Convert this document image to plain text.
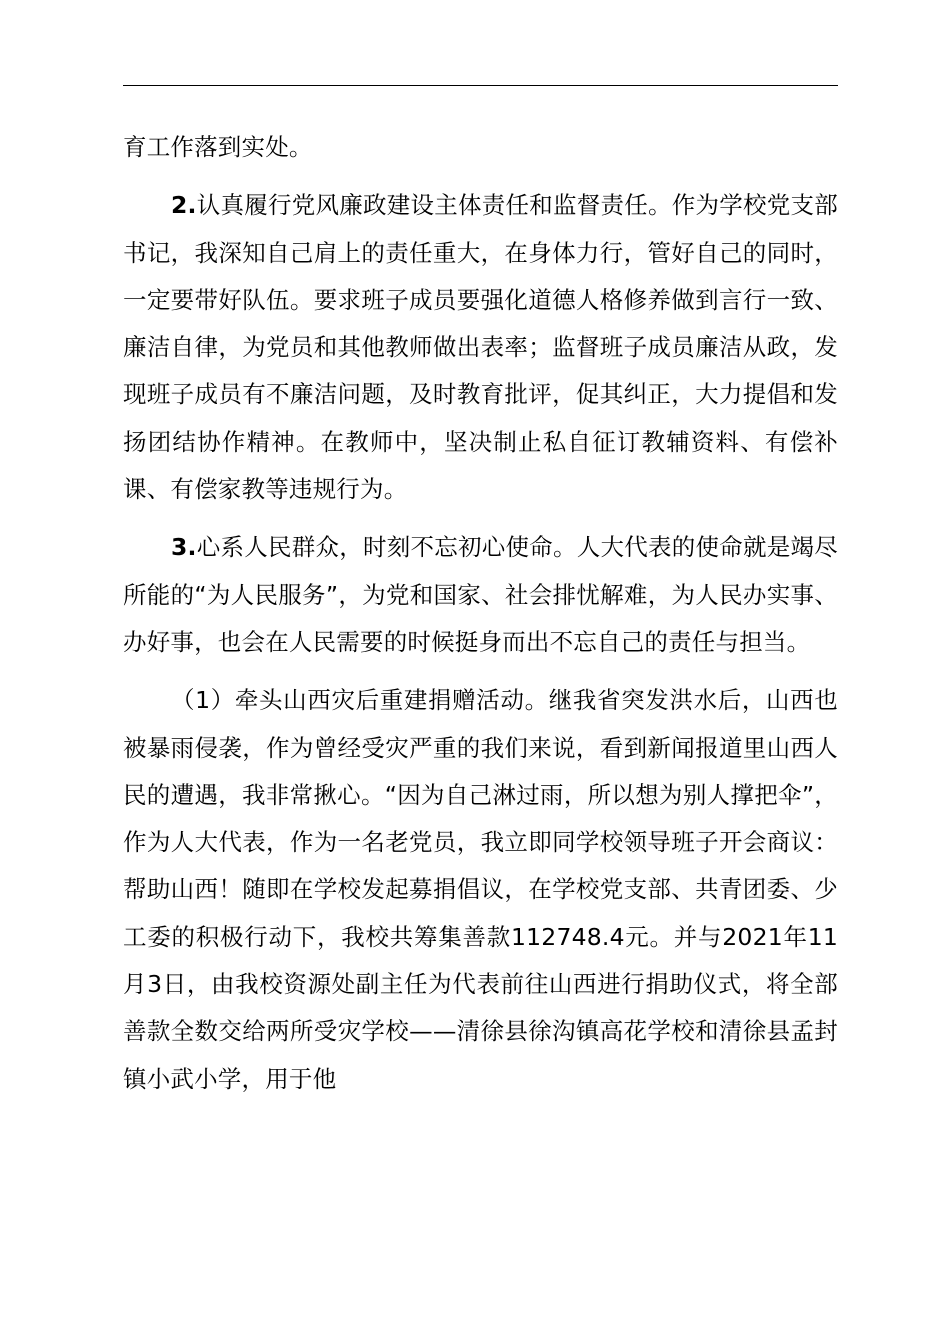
育工作落到实处。

2.认真履行党风廉政建设主体责任和监督责任。作为学校党支部书记，我深知自己肩上的责任重大，在身体力行，管好自己的同时，一定要带好队伍。要求班子成员要强化道德人格修养做到言行一致、廉洁自律，为党员和其他教师做出表率；监督班子成员廉洁从政，发现班子成员有不廉洁问题，及时教育批评，促其纠正，大力提倡和发扬团结协作精神。在教师中，坚决制止私自征订教辅资料、有偿补课、有偿家教等违规行为。

3.心系人民群众，时刻不忘初心使命。人大代表的使命就是竭尽所能的“为人民服务”，为党和国家、社会排忧解难，为人民办实事、办好事，也会在人民需要的时候挺身而出不忘自己的责任与担当。

（1）牵头山西灾后重建捐赠活动。继我省突发洪水后，山西也被暴雨侵袭，作为曾经受灾严重的我们来说，看到新闻报道里山西人民的遭遇，我非常揪心。“因为自己淋过雨，所以想为别人撑把伞”，作为人大代表，作为一名老党员，我立即同学校领导班子开会商议：帮助山西！随即在学校发起募捐倡议，在学校党支部、共青团委、少工委的积极行动下，我校共筹集善款112748.4元。并与2021年11月3日，由我校资源处副主任为代表前往山西进行捐助仪式，将全部善款全数交给两所受灾学校——清徐县徐沟镇高花学校和清徐县孟封镇小武小学，用于他
